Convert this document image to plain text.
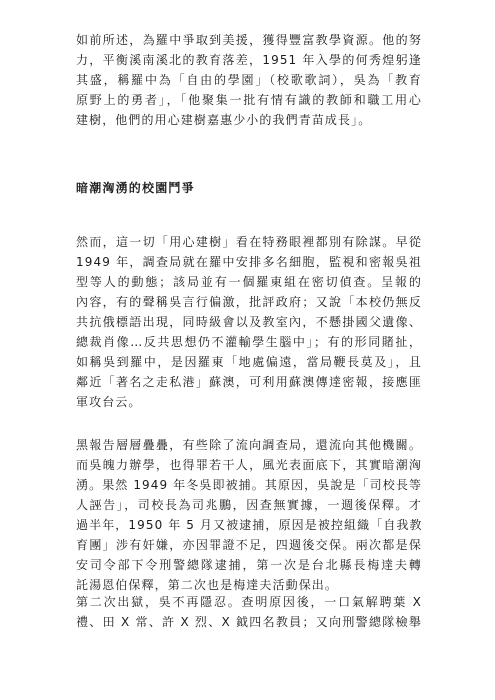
如前所述，為羅中爭取到美援，獲得豐富教學資源。他的努
力，平衡溪南溪北的教育落差，1951 年入學的何秀煌躬逢
其盛，稱羅中為「自由的學園」（校歌歌詞），吳為「教育
原野上的勇者」，「他聚集一批有情有識的教師和職工用心
建樹，他們的用心建樹嘉惠少小的我們青苗成長」。
暗潮洶湧的校園鬥爭
然而，這一切「用心建樹」看在特務眼裡都別有除謀。早從
1949 年，調查局就在羅中安排多名細胞，監視和密報吳祖
型等人的動態；該局並有一個羅東組在密切偵查。呈報的
內容，有的聲稱吳言行偏激，批評政府；又說「本校仍無反
共抗俄標語出現，同時級會以及教室內，不懸掛國父遺像、
總裁肖像…反共思想仍不灌輸學生腦中」；有的形同賭扯，
如稱吳到羅中，是因羅東「地處偏遠，當局鞭長莫及」，且
鄰近「著名之走私港」蘇澳，可利用蘇澳傳達密報，接應匪
軍攻台云。
黑報告層層疊疊，有些除了流向調查局，還流向其他機關。
而吳魄力辦學，也得罪若干人，風光表面底下，其實暗潮洶
湧。果然 1949 年冬吳即被捕。其原因，吳說是「司校長等
人誣告」，司校長為司兆鵬，因查無實據，一週後保釋。才
過半年，1950 年 5 月又被逮捕，原因是被控組織「自我教
育團」涉有奸嫌，亦因罪證不足，四週後交保。兩次都是保
安司令部下令刑警總隊逮捕，第一次是台北縣長梅達夫轉
託湯恩伯保釋，第二次也是梅達夫活動保出。
第二次出獄，吳不再隱忍。查明原因後，一口氣解聘葉 X
禮、田 X 常、許 X 烈、X 鉞四名教員；又向刑警總隊檢舉
